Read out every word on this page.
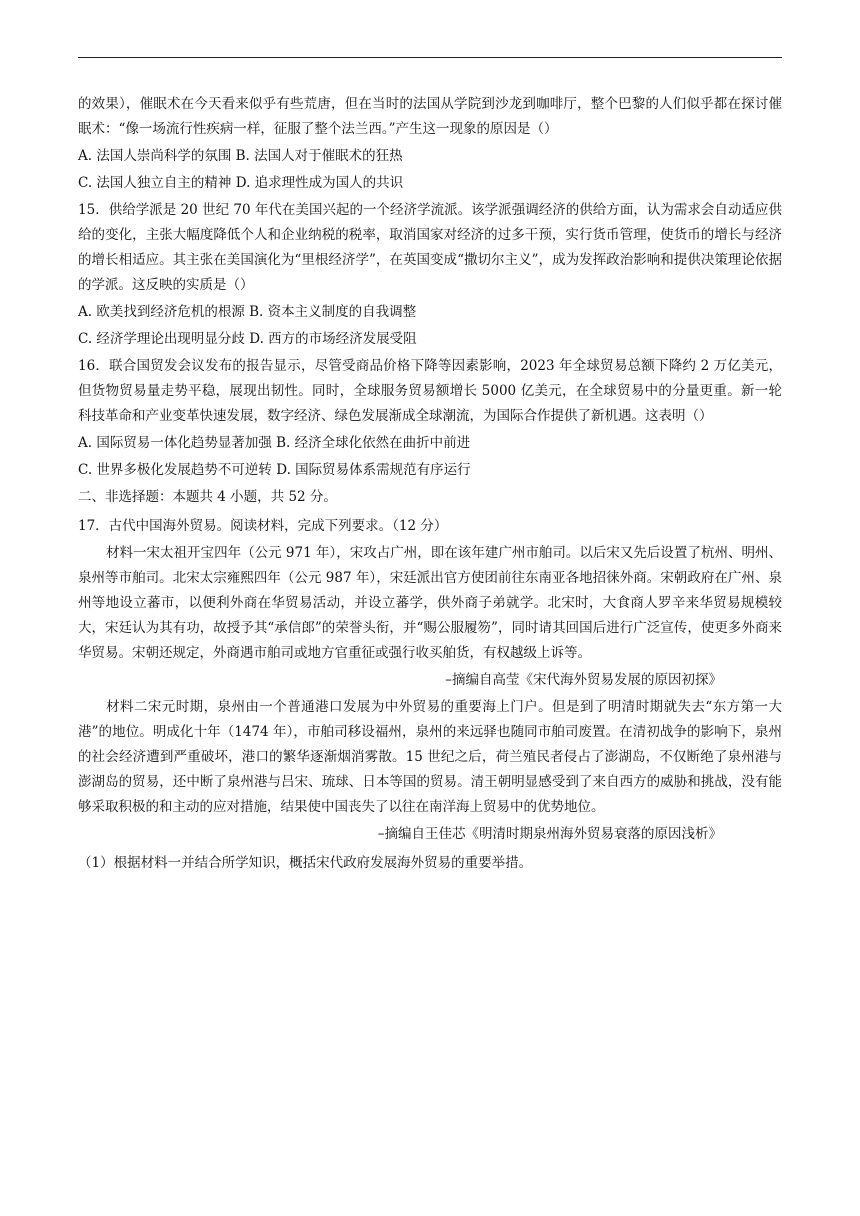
的效果），催眠术在今天看来似乎有些荒唐，但在当时的法国从学院到沙龙到咖啡厅，整个巴黎的人们似乎都在探讨催眠术：“像一场流行性疾病一样，征服了整个法兰西。”产生这一现象的原因是（）

A. 法国人崇尚科学的氛围 B. 法国人对于催眠术的狂热

C. 法国人独立自主的精神 D. 追求理性成为国人的共识

15．供给学派是 20 世纪 70 年代在美国兴起的一个经济学流派。该学派强调经济的供给方面，认为需求会自动适应供给的变化，主张大幅度降低个人和企业纳税的税率，取消国家对经济的过多干预，实行货币管理，使货币的增长与经济的增长相适应。其主张在美国演化为“里根经济学”，在英国变成“撒切尔主义”，成为发挥政治影响和提供决策理论依据的学派。这反映的实质是（）

A. 欧美找到经济危机的根源 B. 资本主义制度的自我调整

C. 经济学理论出现明显分歧 D. 西方的市场经济发展受阻

16．联合国贸发会议发布的报告显示，尽管受商品价格下降等因素影响，2023 年全球贸易总额下降约 2 万亿美元，但货物贸易量走势平稳，展现出韧性。同时，全球服务贸易额增长 5000 亿美元，在全球贸易中的分量更重。新一轮科技革命和产业变革快速发展，数字经济、绿色发展渐成全球潮流，为国际合作提供了新机遇。这表明（）

A. 国际贸易一体化趋势显著加强 B. 经济全球化依然在曲折中前进

C. 世界多极化发展趋势不可逆转 D. 国际贸易体系需规范有序运行

二、非选择题：本题共 4 小题，共 52 分。

17．古代中国海外贸易。阅读材料，完成下列要求。（12 分）

材料一宋太祖开宝四年（公元 971 年），宋攻占广州，即在该年建广州市舶司。以后宋又先后设置了杭州、明州、泉州等市舶司。北宋太宗雍熙四年（公元 987 年），宋廷派出官方使团前往东南亚各地招徕外商。宋朝政府在广州、泉州等地设立蕃市，以便利外商在华贸易活动，并设立蕃学，供外商子弟就学。北宋时，大食商人罗辛来华贸易规模较大，宋廷认为其有功，故授予其“承信郎”的荣誉头衔，并“赐公服履笏”，同时请其回国后进行广泛宣传，使更多外商来华贸易。宋朝还规定，外商遇市舶司或地方官重征或强行收买舶货，有权越级上诉等。

–摘编自高莹《宋代海外贸易发展的原因初探》

材料二宋元时期，泉州由一个普通港口发展为中外贸易的重要海上门户。但是到了明清时期就失去“东方第一大港”的地位。明成化十年（1474 年），市舶司移设福州，泉州的来远驿也随同市舶司废置。在清初战争的影响下，泉州的社会经济遭到严重破坏，港口的繁华逐渐烟消雾散。15 世纪之后，荷兰殖民者侵占了澎湖岛，不仅断绝了泉州港与澎湖岛的贸易，还中断了泉州港与吕宋、琉球、日本等国的贸易。清王朝明显感受到了来自西方的威胁和挑战，没有能够采取积极的和主动的应对措施，结果使中国丧失了以往在南洋海上贸易中的优势地位。

–摘编自王佳芯《明清时期泉州海外贸易衰落的原因浅析》

（1）根据材料一并结合所学知识，概括宋代政府发展海外贸易的重要举措。
